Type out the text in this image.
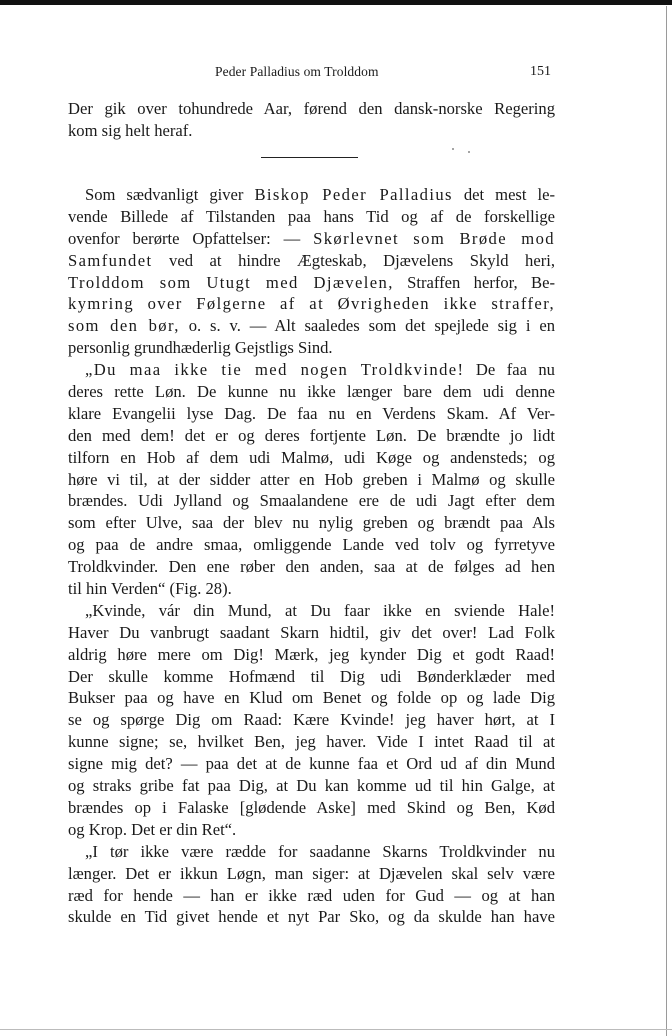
Peder Palladius om Trolddom	151
Der gik over tohundrede Aar, førend den dansk-norske Regering
kom sig helt heraf.
Som sædvanligt giver Biskop Peder Palladius det mest le-
vende Billede af Tilstanden paa hans Tid og af de forskellige
ovenfor berørte Opfattelser: — Skørlevnet som Brøde mod
Samfundet ved at hindre Ægteskab, Djævelens Skyld heri,
Trolddom som Utugt med Djævelen, Straffen herfor, Be-
kymring over Følgerne af at Øvrigheden ikke straffer,
som den bør, o. s. v. — Alt saaledes som det spejlede sig i en
personlig grundhæderlig Gejstligs Sind.
„Du maa ikke tie med nogen Troldkvinde! De faa nu
deres rette Løn. De kunne nu ikke længer bare dem udi denne
klare Evangelii lyse Dag. De faa nu en Verdens Skam. Af Ver-
den med dem! det er og deres fortjente Løn. De brændte jo lidt
tilforn en Hob af dem udi Malmø, udi Køge og andensteds; og
høre vi til, at der sidder atter en Hob greben i Malmø og skulle
brændes. Udi Jylland og Smaalandene ere de udi Jagt efter dem
som efter Ulve, saa der blev nu nylig greben og brændt paa Als
og paa de andre smaa, omliggende Lande ved tolv og fyrretyve
Troldkvinder. Den ene røber den anden, saa at de følges ad hen
til hin Verden“ (Fig. 28).
„Kvinde, vár din Mund, at Du faar ikke en sviende Hale!
Haver Du vanbrugt saadant Skarn hidtil, giv det over! Lad Folk
aldrig høre mere om Dig! Mærk, jeg kynder Dig et godt Raad!
Der skulle komme Hofmænd til Dig udi Bønderklæder med
Bukser paa og have en Klud om Benet og folde op og lade Dig
se og spørge Dig om Raad: Kære Kvinde! jeg haver hørt, at I
kunne signe; se, hvilket Ben, jeg haver. Vide I intet Raad til at
signe mig det? — paa det at de kunne faa et Ord ud af din Mund
og straks gribe fat paa Dig, at Du kan komme ud til hin Galge, at
brændes op i Falaske [glødende Aske] med Skind og Ben, Kød
og Krop. Det er din Ret“.
„I tør ikke være rædde for saadanne Skarns Troldkvinder nu
længer. Det er ikkun Løgn, man siger: at Djævelen skal selv være
ræd for hende — han er ikke ræd uden for Gud — og at han
skulde en Tid givet hende et nyt Par Sko, og da skulde han have
